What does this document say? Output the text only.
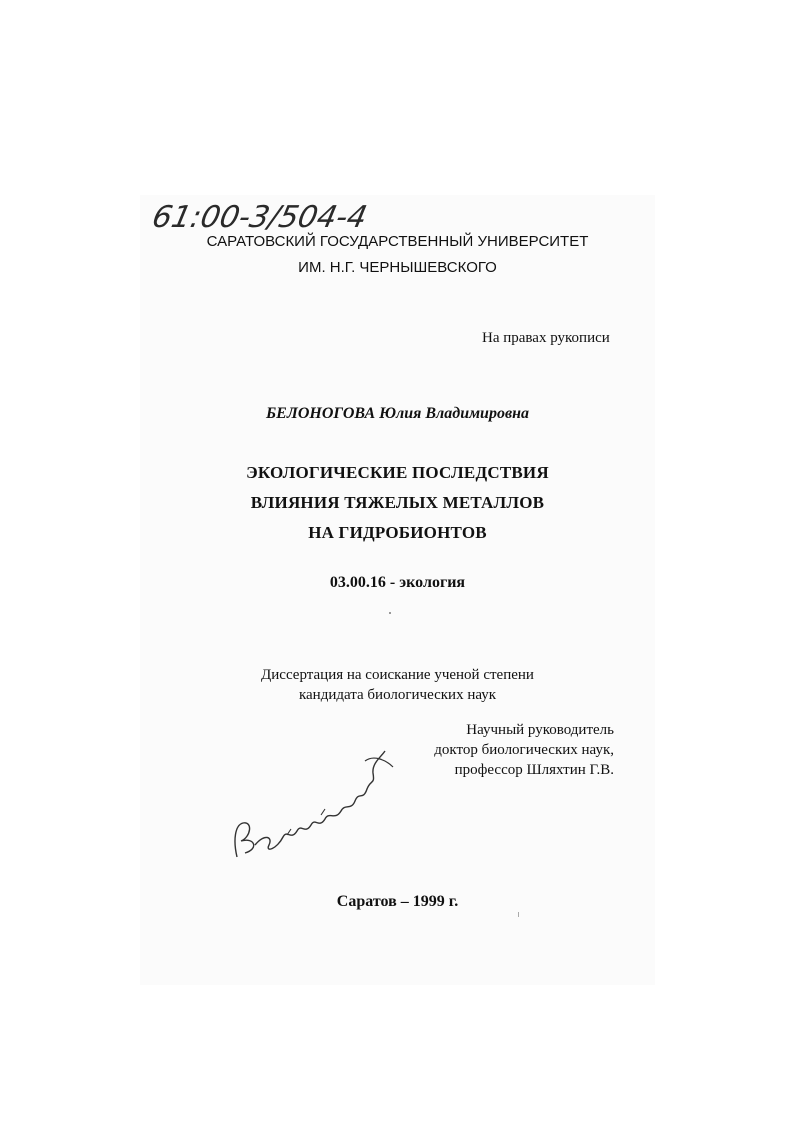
61:00-3/504-4
САРАТОВСКИЙ ГОСУДАРСТВЕННЫЙ УНИВЕРСИТЕТ
ИМ. Н.Г. ЧЕРНЫШЕВСКОГО
На правах рукописи
БЕЛОНОГОВА Юлия Владимировна
ЭКОЛОГИЧЕСКИЕ ПОСЛЕДСТВИЯ
ВЛИЯНИЯ ТЯЖЕЛЫХ МЕТАЛЛОВ
НА ГИДРОБИОНТОВ
03.00.16 - экология
Диссертация на соискание ученой степени
кандидата биологических наук
Научный руководитель
доктор биологических наук,
профессор Шляхтин Г.В.
Саратов – 1999 г.
